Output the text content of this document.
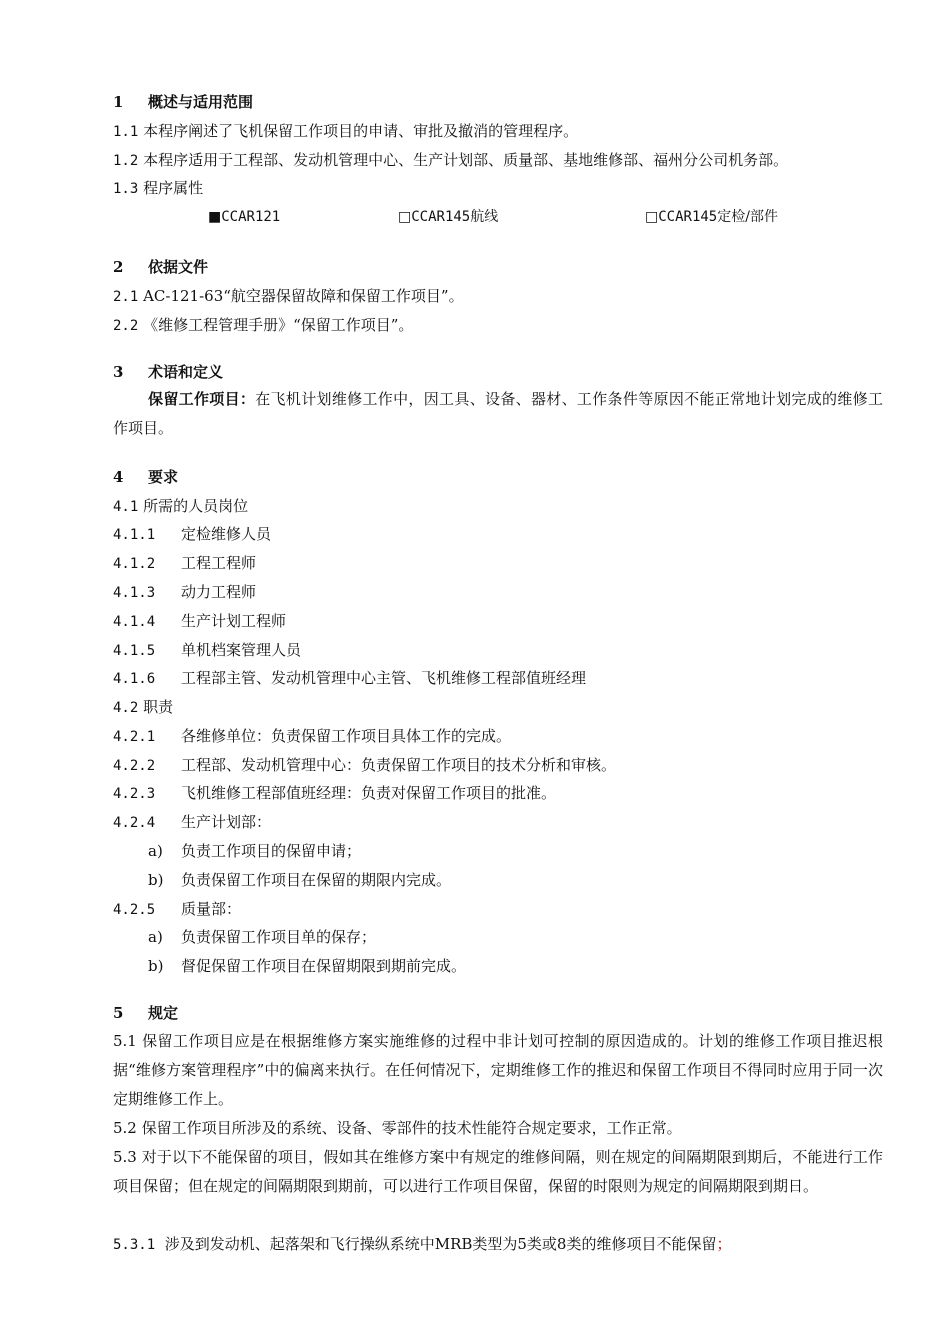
1 概述与适用范围
1.1 本程序阐述了飞机保留工作项目的申请、审批及撤消的管理程序。
1.2 本程序适用于工程部、发动机管理中心、生产计划部、质量部、基地维修部、福州分公司机务部。
1.3 程序属性
■CCAR121	□CCAR145航线	□CCAR145定检/部件
2 依据文件
2.1 AC-121-63“航空器保留故障和保留工作项目”。
2.2 《维修工程管理手册》“保留工作项目”。
3 术语和定义
保留工作项目：在飞机计划维修工作中，因工具、设备、器材、工作条件等原因不能正常地计划完成的维修工作项目。
4 要求
4.1 所需的人员岗位
4.1.1 定检维修人员
4.1.2 工程工程师
4.1.3 动力工程师
4.1.4 生产计划工程师
4.1.5 单机档案管理人员
4.1.6 工程部主管、发动机管理中心主管、飞机维修工程部值班经理
4.2 职责
4.2.1 各维修单位：负责保留工作项目具体工作的完成。
4.2.2 工程部、发动机管理中心：负责保留工作项目的技术分析和审核。
4.2.3 飞机维修工程部值班经理：负责对保留工作项目的批准。
4.2.4 生产计划部：
a) 负责工作项目的保留申请；
b) 负责保留工作项目在保留的期限内完成。
4.2.5 质量部：
a) 负责保留工作项目单的保存；
b) 督促保留工作项目在保留期限到期前完成。
5 规定
5.1 保留工作项目应是在根据维修方案实施维修的过程中非计划可控制的原因造成的。计划的维修工作项目推迟根据“维修方案管理程序”中的偏离来执行。在任何情况下，定期维修工作的推迟和保留工作项目不得同时应用于同一次定期维修工作上。
5.2 保留工作项目所涉及的系统、设备、零部件的技术性能符合规定要求，工作正常。
5.3 对于以下不能保留的项目，假如其在维修方案中有规定的维修间隔，则在规定的间隔期限到期后，不能进行工作项目保留；但在规定的间隔期限到期前，可以进行工作项目保留，保留的时限则为规定的间隔期限到期日。
5.3.1 涉及到发动机、起落架和飞行操纵系统中MRB类型为5类或8类的维修项目不能保留；
